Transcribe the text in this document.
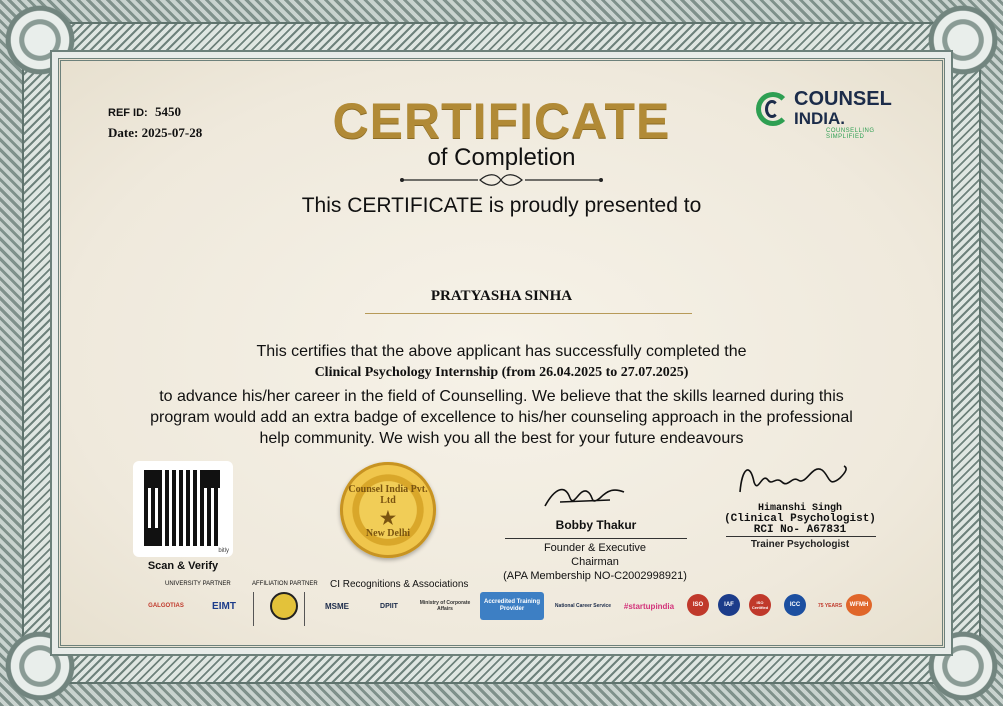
REF ID: 5450
Date: 2025-07-28	CERTIFICATE
of Completion
This CERTIFICATE is proudly presented to
PRATYASHA SINHA
This certifies that the above applicant has successfully completed the
Clinical Psychology Internship (from 26.04.2025 to 27.07.2025)
to advance his/her career in the field of Counselling. We believe that the skills learned during this
program would add an extra badge of excellence to his/her counseling approach in the professional
help community. We wish you all the best for your future endeavours
COUNSEL
INDIA.
COUNSELLING SIMPLIFIED
bitly
Scan & Verify
Counsel India Pvt. Ltd
★
New Delhi
Bobby Thakur
Founder & Executive
Chairman
(APA Membership NO-C2002998921)
Himanshi Singh
(Clinical Psychologist)
RCI No- A67831
Trainer Psychologist
UNIVERSITY PARTNER	AFFILIATION PARTNER CI Recognitions & Associations
GALGOTIAS	EIMT	MSME	DPIIT	Ministry of Corporate Affairs
Accredited Training Provider	National Career Service	#startupindia	ISO	IAF	ISO Certified	ICC	75 YEARS	WFMH
